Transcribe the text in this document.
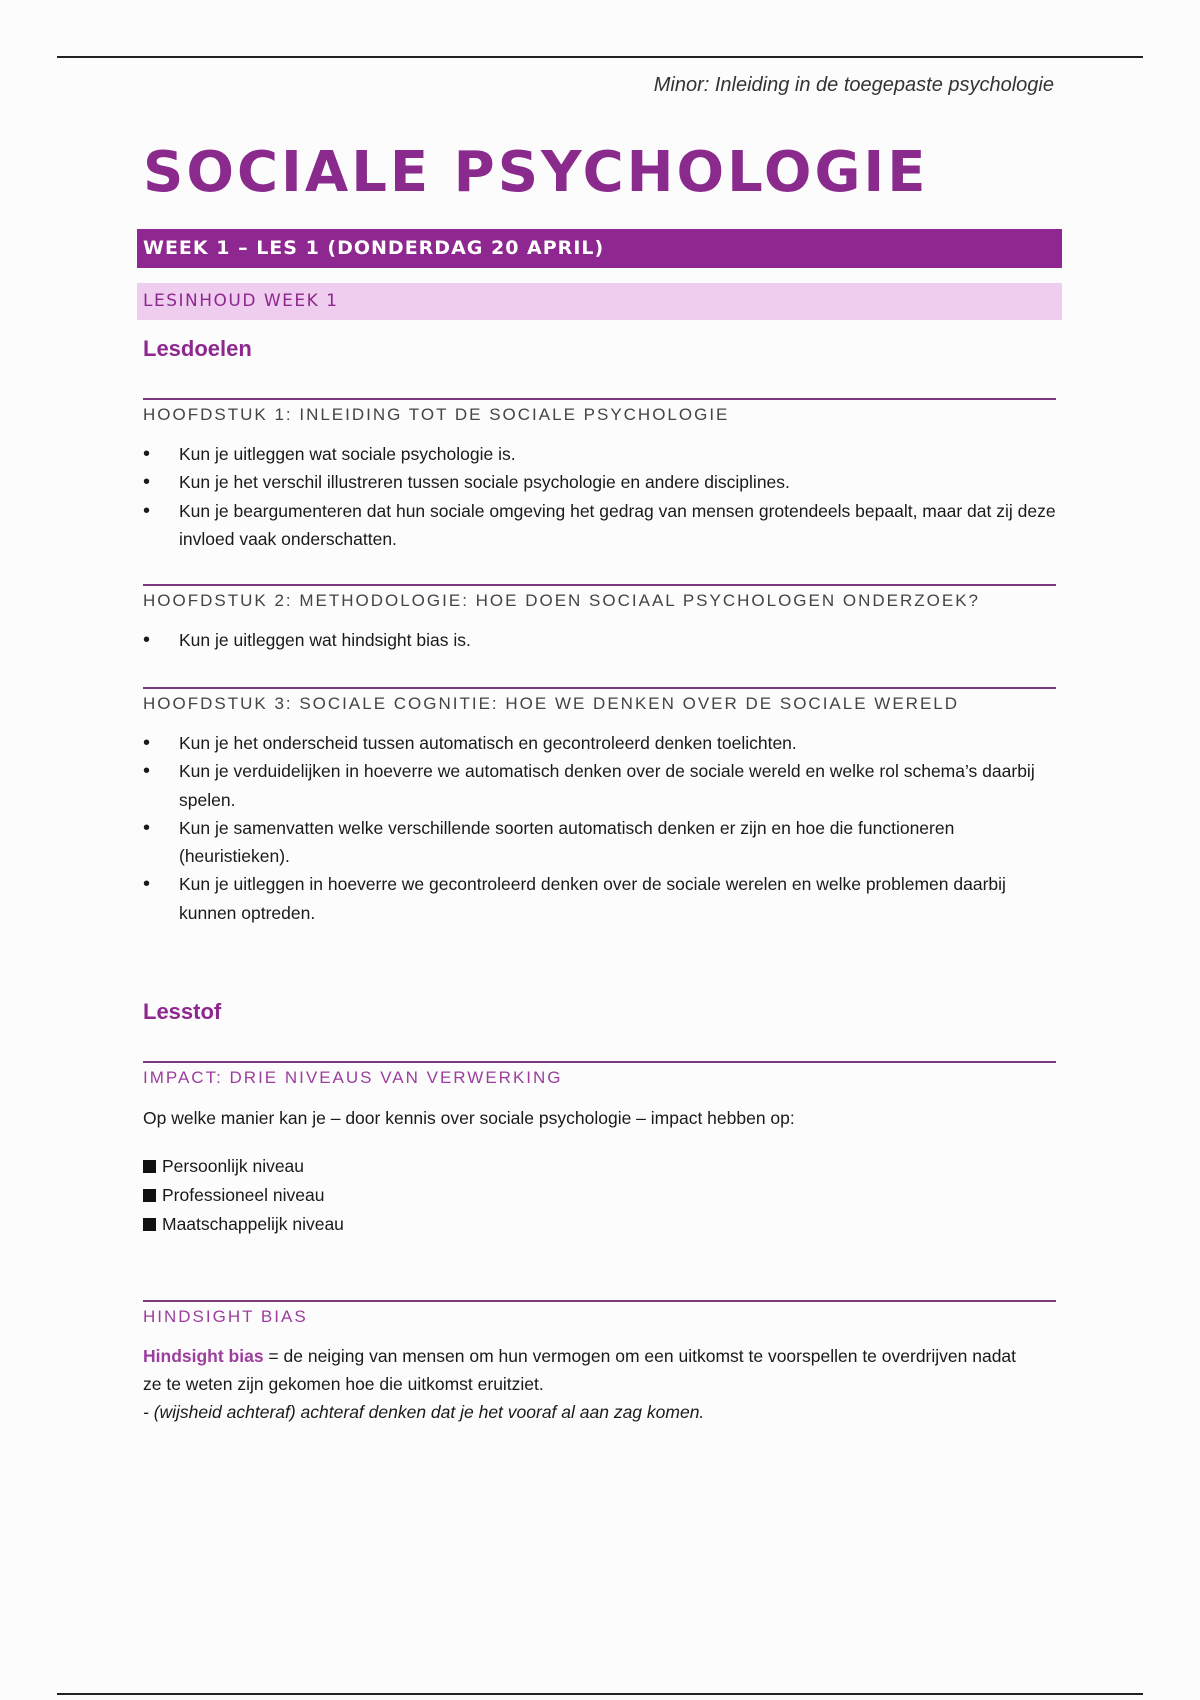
Minor: Inleiding in de toegepaste psychologie
SOCIALE PSYCHOLOGIE
WEEK 1 – LES 1 (DONDERDAG 20 APRIL)
LESINHOUD WEEK 1
Lesdoelen
HOOFDSTUK 1: INLEIDING TOT DE SOCIALE PSYCHOLOGIE
• Kun je uitleggen wat sociale psychologie is.
• Kun je het verschil illustreren tussen sociale psychologie en andere disciplines.
• Kun je beargumenteren dat hun sociale omgeving het gedrag van mensen grotendeels bepaalt, maar dat zij deze invloed vaak onderschatten.
HOOFDSTUK 2: METHODOLOGIE: HOE DOEN SOCIAAL PSYCHOLOGEN ONDERZOEK?
• Kun je uitleggen wat hindsight bias is.
HOOFDSTUK 3: SOCIALE COGNITIE: HOE WE DENKEN OVER DE SOCIALE WERELD
• Kun je het onderscheid tussen automatisch en gecontroleerd denken toelichten.
• Kun je verduidelijken in hoeverre we automatisch denken over de sociale wereld en welke rol schema’s daarbij spelen.
• Kun je samenvatten welke verschillende soorten automatisch denken er zijn en hoe die functioneren (heuristieken).
• Kun je uitleggen in hoeverre we gecontroleerd denken over de sociale werelen en welke problemen daarbij kunnen optreden.
Lesstof
IMPACT: DRIE NIVEAUS VAN VERWERKING
Op welke manier kan je – door kennis over sociale psychologie – impact hebben op:
Persoonlijk niveau
Professioneel niveau
Maatschappelijk niveau
HINDSIGHT BIAS
Hindsight bias = de neiging van mensen om hun vermogen om een uitkomst te voorspellen te overdrijven nadat ze te weten zijn gekomen hoe die uitkomst eruitziet.
- (wijsheid achteraf) achteraf denken dat je het vooraf al aan zag komen.
